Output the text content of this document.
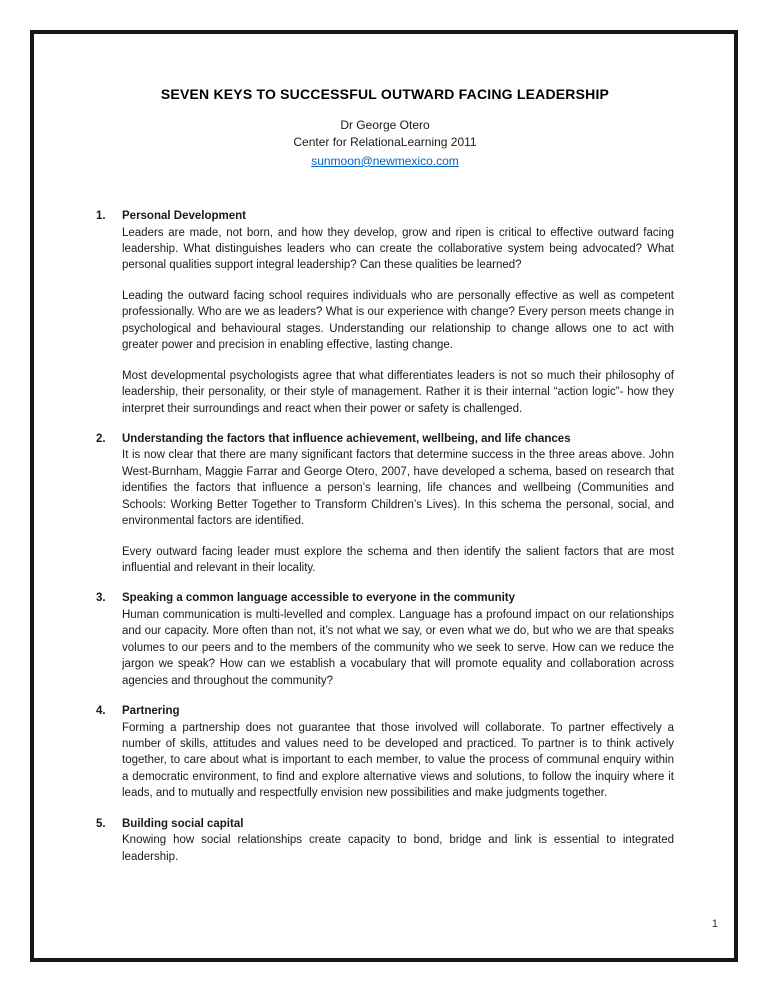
SEVEN KEYS TO SUCCESSFUL OUTWARD FACING LEADERSHIP
Dr George Otero
Center for RelationaLearning 2011
sunmoon@newmexico.com
1.	Personal Development

Leaders are made, not born, and how they develop, grow and ripen is critical to effective outward facing leadership. What distinguishes leaders who can create the collaborative system being advocated? What personal qualities support integral leadership? Can these qualities be learned?

Leading the outward facing school requires individuals who are personally effective as well as competent professionally. Who are we as leaders? What is our experience with change? Every person meets change in psychological and behavioural stages. Understanding our relationship to change allows one to act with greater power and precision in enabling effective, lasting change.

Most developmental psychologists agree that what differentiates leaders is not so much their philosophy of leadership, their personality, or their style of management. Rather it is their internal “action logic”- how they interpret their surroundings and react when their power or safety is challenged.

2.	Understanding the factors that influence achievement, wellbeing, and life chances

It is now clear that there are many significant factors that determine success in the three areas above. John West-Burnham, Maggie Farrar and George Otero, 2007, have developed a schema, based on research that identifies the factors that influence a person’s learning, life chances and wellbeing (Communities and Schools: Working Better Together to Transform Children’s Lives). In this schema the personal, social, and environmental factors are identified.

Every outward facing leader must explore the schema and then identify the salient factors that are most influential and relevant in their locality.

3.	Speaking a common language accessible to everyone in the community

Human communication is multi-levelled and complex. Language has a profound impact on our relationships and our capacity. More often than not, it’s not what we say, or even what we do, but who we are that speaks volumes to our peers and to the members of the community who we seek to serve. How can we reduce the jargon we speak? How can we establish a vocabulary that will promote equality and collaboration across agencies and throughout the community?

4.	Partnering

Forming a partnership does not guarantee that those involved will collaborate. To partner effectively a number of skills, attitudes and values need to be developed and practiced. To partner is to think actively together, to care about what is important to each member, to value the process of communal enquiry within a democratic environment, to find and explore alternative views and solutions, to follow the inquiry where it leads, and to mutually and respectfully envision new possibilities and make judgments together.

5.	Building social capital

Knowing how social relationships create capacity to bond, bridge and link is essential to integrated leadership.

1
